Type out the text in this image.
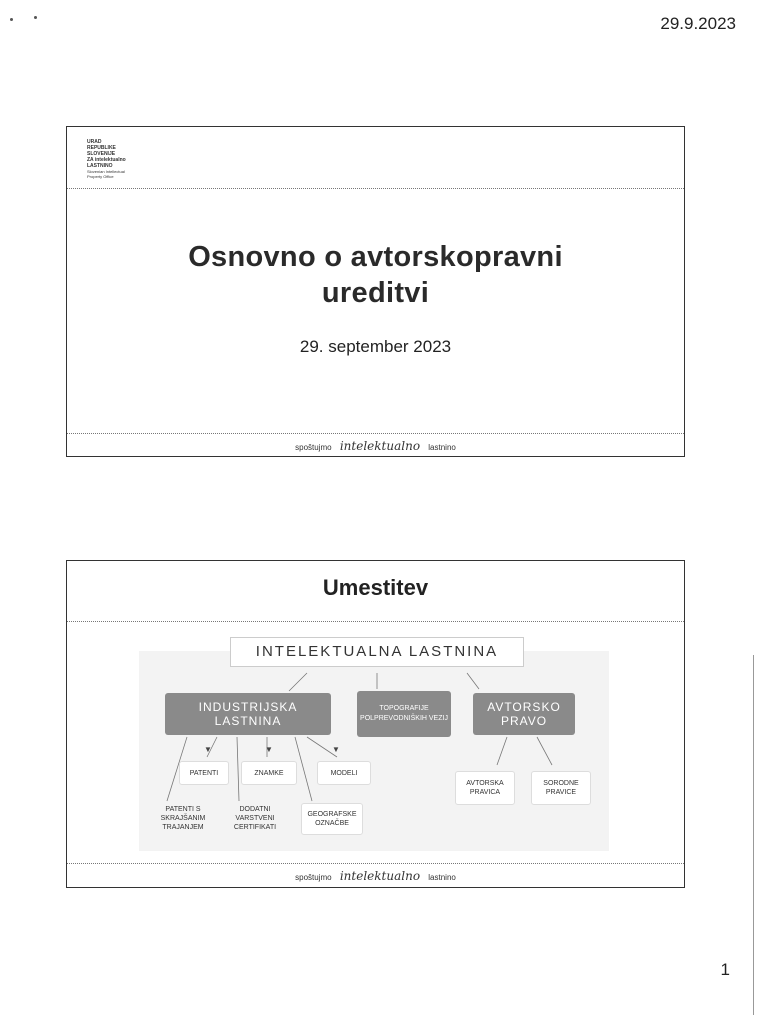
29.9.2023
URAD
REPUBLIKE
SLOVENIJE
ZA intelektualno
LASTNINO
Slovenian Intellectual
Property Office
Osnovno o avtorskopravni
ureditvi
29. september 2023
spoštujmo intelektualno lastnino
Umestitev
INTELEKTUALNA LASTNINA
INDUSTRIJSKA LASTNINA
TOPOGRAFIJE POLPREVODNIŠKIH VEZIJ
AVTORSKO PRAVO
▼	▼	▼
PATENTI	ZNAMKE	MODELI
PATENTI S SKRAJŠANIM TRAJANJEM
DODATNI VARSTVENI CERTIFIKATI
GEOGRAFSKE OZNAČBE
AVTORSKA PRAVICA
SORODNE PRAVICE
spoštujmo intelektualno lastnino
1
